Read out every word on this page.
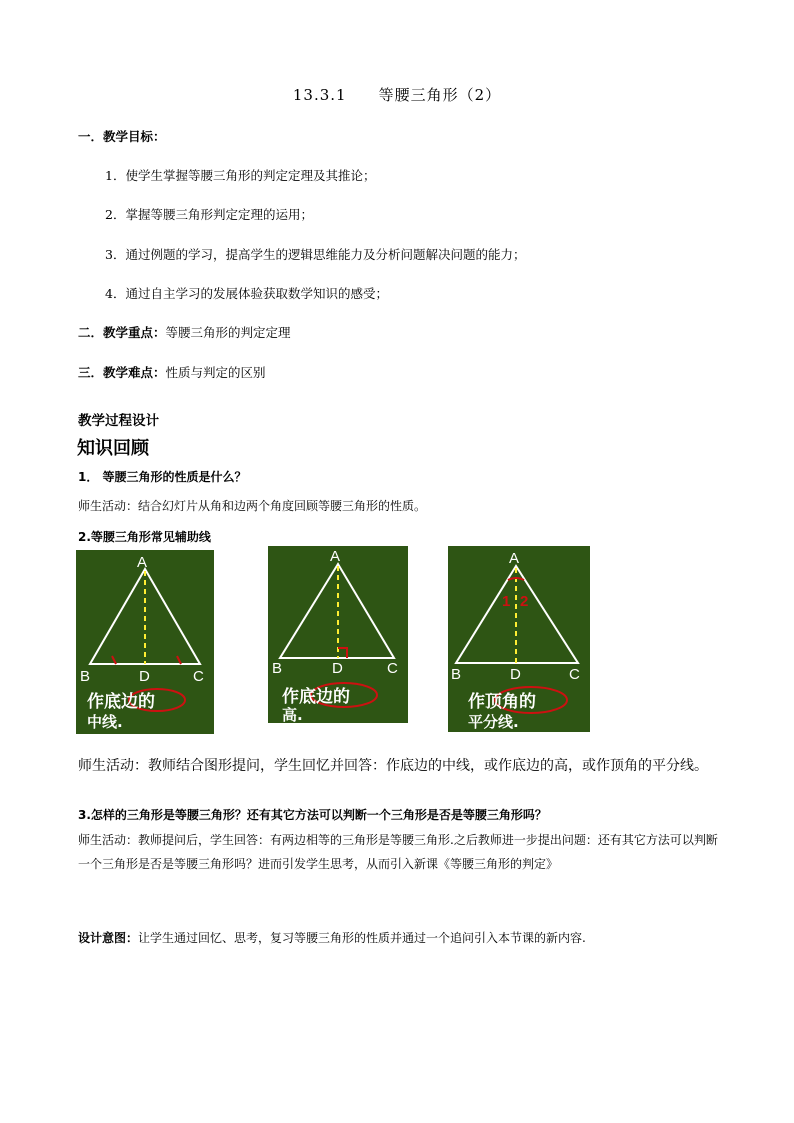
13.3.1　　等腰三角形（2）
一．教学目标：
1．使学生掌握等腰三角形的判定定理及其推论；
2．掌握等腰三角形判定定理的运用；
3．通过例题的学习，提高学生的逻辑思维能力及分析问题解决问题的能力；
4．通过自主学习的发展体验获取数学知识的感受；
二．教学重点：等腰三角形的判定定理
三．教学难点：性质与判定的区别
教学过程设计
知识回顾
1． 等腰三角形的性质是什么？
师生活动：结合幻灯片从角和边两个角度回顾等腰三角形的性质。
2.等腰三角形常见辅助线
A
B	D	C
作底边的
中线.
A
B	D	C
作底边的
高.
1 2
A
B	D	C
作顶角的
平分线.
师生活动：教师结合图形提问，学生回忆并回答：作底边的中线，或作底边的高，或作顶角的平分线。
3.怎样的三角形是等腰三角形？还有其它方法可以判断一个三角形是否是等腰三角形吗？
师生活动：教师提问后，学生回答：有两边相等的三角形是等腰三角形.之后教师进一步提出问题：还有其它方法可以判断一个三角形是否是等腰三角形吗？进而引发学生思考，从而引入新课《等腰三角形的判定》
设计意图：让学生通过回忆、思考，复习等腰三角形的性质并通过一个追问引入本节课的新内容.
